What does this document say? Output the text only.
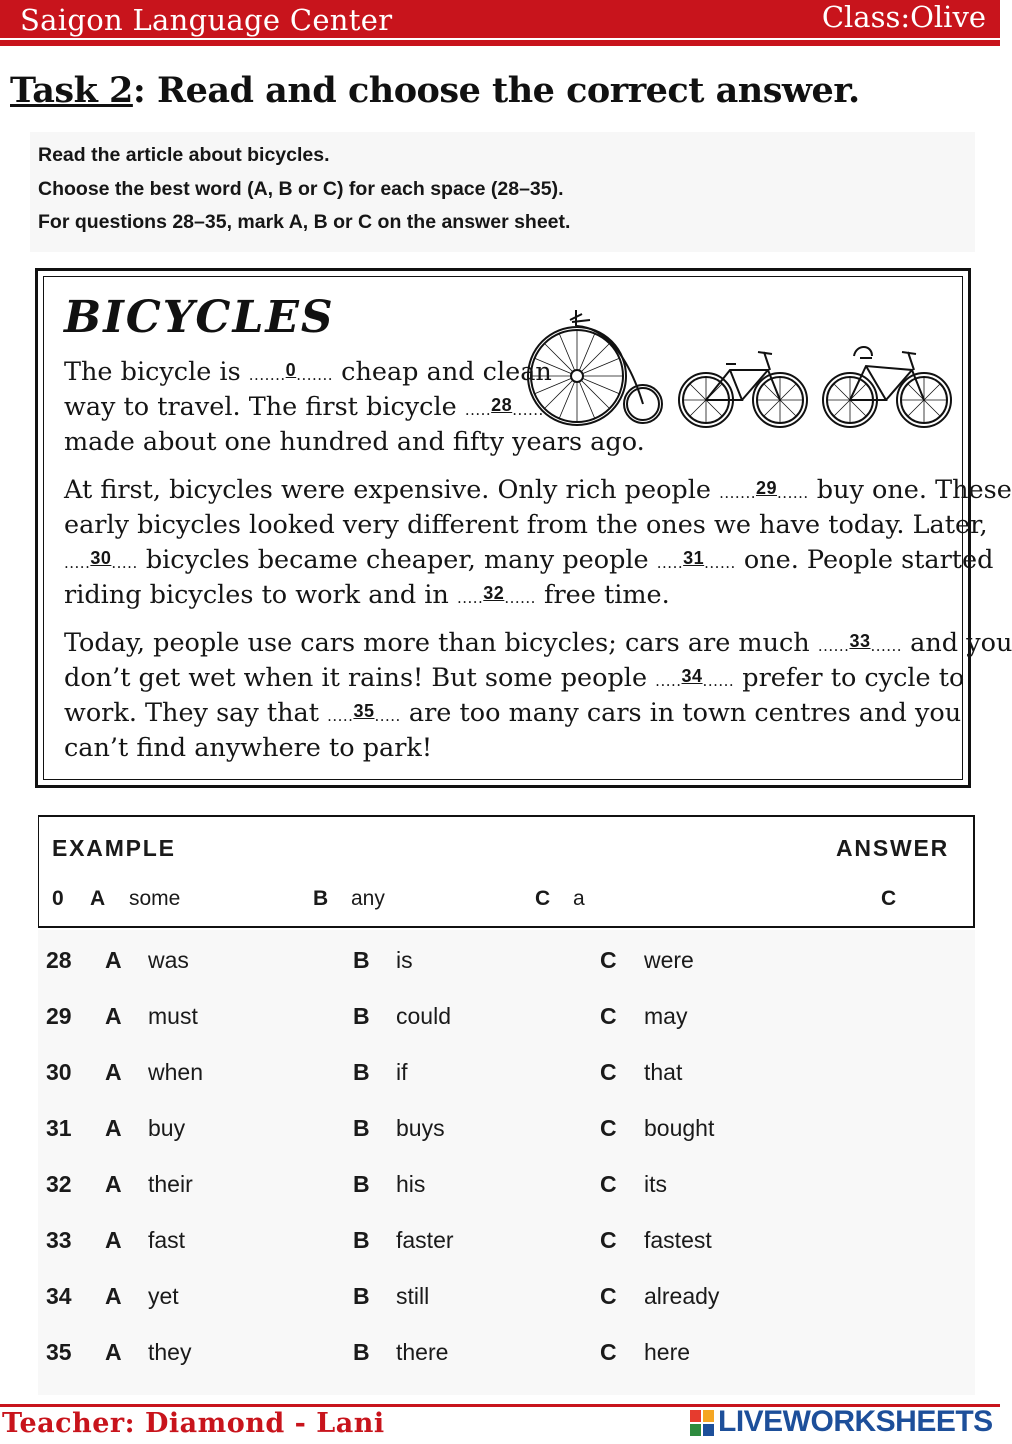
Saigon Language Center	Class:Olive
Task 2: Read and choose the correct answer.
Read the article about bicycles.
Choose the best word (A, B or C) for each space (28–35).
For questions 28–35, mark A, B or C on the answer sheet.
BICYCLES
The bicycle is .......0....... cheap and clean
way to travel. The first bicycle .....28......
made about one hundred and fifty years ago.
At first, bicycles were expensive. Only rich people .......29...... buy one. These
early bicycles looked very different from the ones we have today. Later,
.....30..... bicycles became cheaper, many people .....31...... one. People started
riding bicycles to work and in .....32...... free time.
Today, people use cars more than bicycles; cars are much ......33...... and you
don’t get wet when it rains! But some people .....34...... prefer to cycle to
work. They say that .....35..... are too many cars in town centres and you
can’t find anywhere to park!
EXAMPLE	ANSWER
0 A some	B any	C a	C
28 A was	B is	C were
29 A must	B could	C may
30 A when	B if	C that
31 A buy	B buys	C bought
32 A their	B his	C its
33 A fast	B faster	C fastest
34 A yet	B still	C already
35 A they	B there	C here
Teacher: Diamond - Lani	LIVEWORKSHEETS
